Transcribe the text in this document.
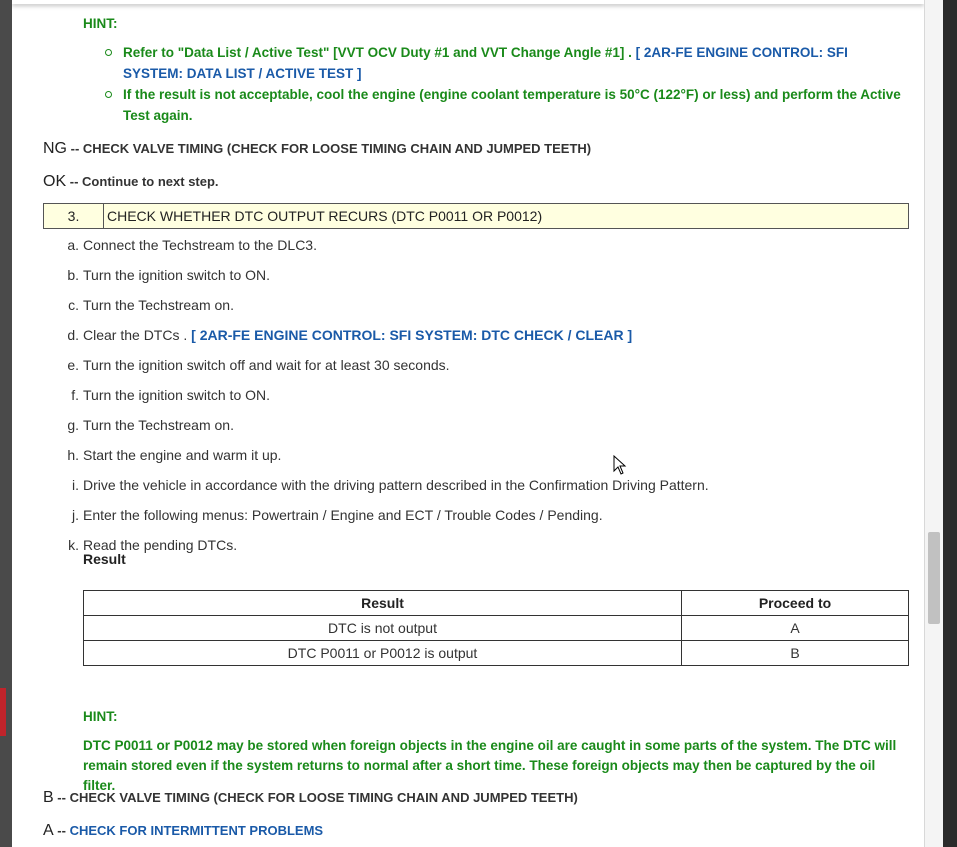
HINT:
Refer to "Data List / Active Test" [VVT OCV Duty #1 and VVT Change Angle #1] . [ 2AR-FE ENGINE CONTROL: SFI SYSTEM: DATA LIST / ACTIVE TEST ]
If the result is not acceptable, cool the engine (engine coolant temperature is 50°C (122°F) or less) and perform the Active Test again.
NG -- CHECK VALVE TIMING (CHECK FOR LOOSE TIMING CHAIN AND JUMPED TEETH)
OK -- Continue to next step.
3.	CHECK WHETHER DTC OUTPUT RECURS (DTC P0011 OR P0012)
a. Connect the Techstream to the DLC3.
b. Turn the ignition switch to ON.
c. Turn the Techstream on.
d. Clear the DTCs .
[ 2AR-FE ENGINE CONTROL: SFI SYSTEM: DTC CHECK / CLEAR ]
e. Turn the ignition switch off and wait for at least 30 seconds.
f. Turn the ignition switch to ON.
g. Turn the Techstream on.
h. Start the engine and warm it up.
i. Drive the vehicle in accordance with the driving pattern described in the Confirmation Driving Pattern.
j. Enter the following menus: Powertrain / Engine and ECT / Trouble Codes / Pending.
k. Read the pending DTCs.
Result
Result	Proceed to
DTC is not output	A
DTC P0011 or P0012 is output	B
HINT:
DTC P0011 or P0012 may be stored when foreign objects in the engine oil are caught in some parts of the system. The DTC will remain stored even if the system returns to normal after a short time. These foreign objects may then be captured by the oil filter.
B -- CHECK VALVE TIMING (CHECK FOR LOOSE TIMING CHAIN AND JUMPED TEETH)
A -- CHECK FOR INTERMITTENT PROBLEMS
